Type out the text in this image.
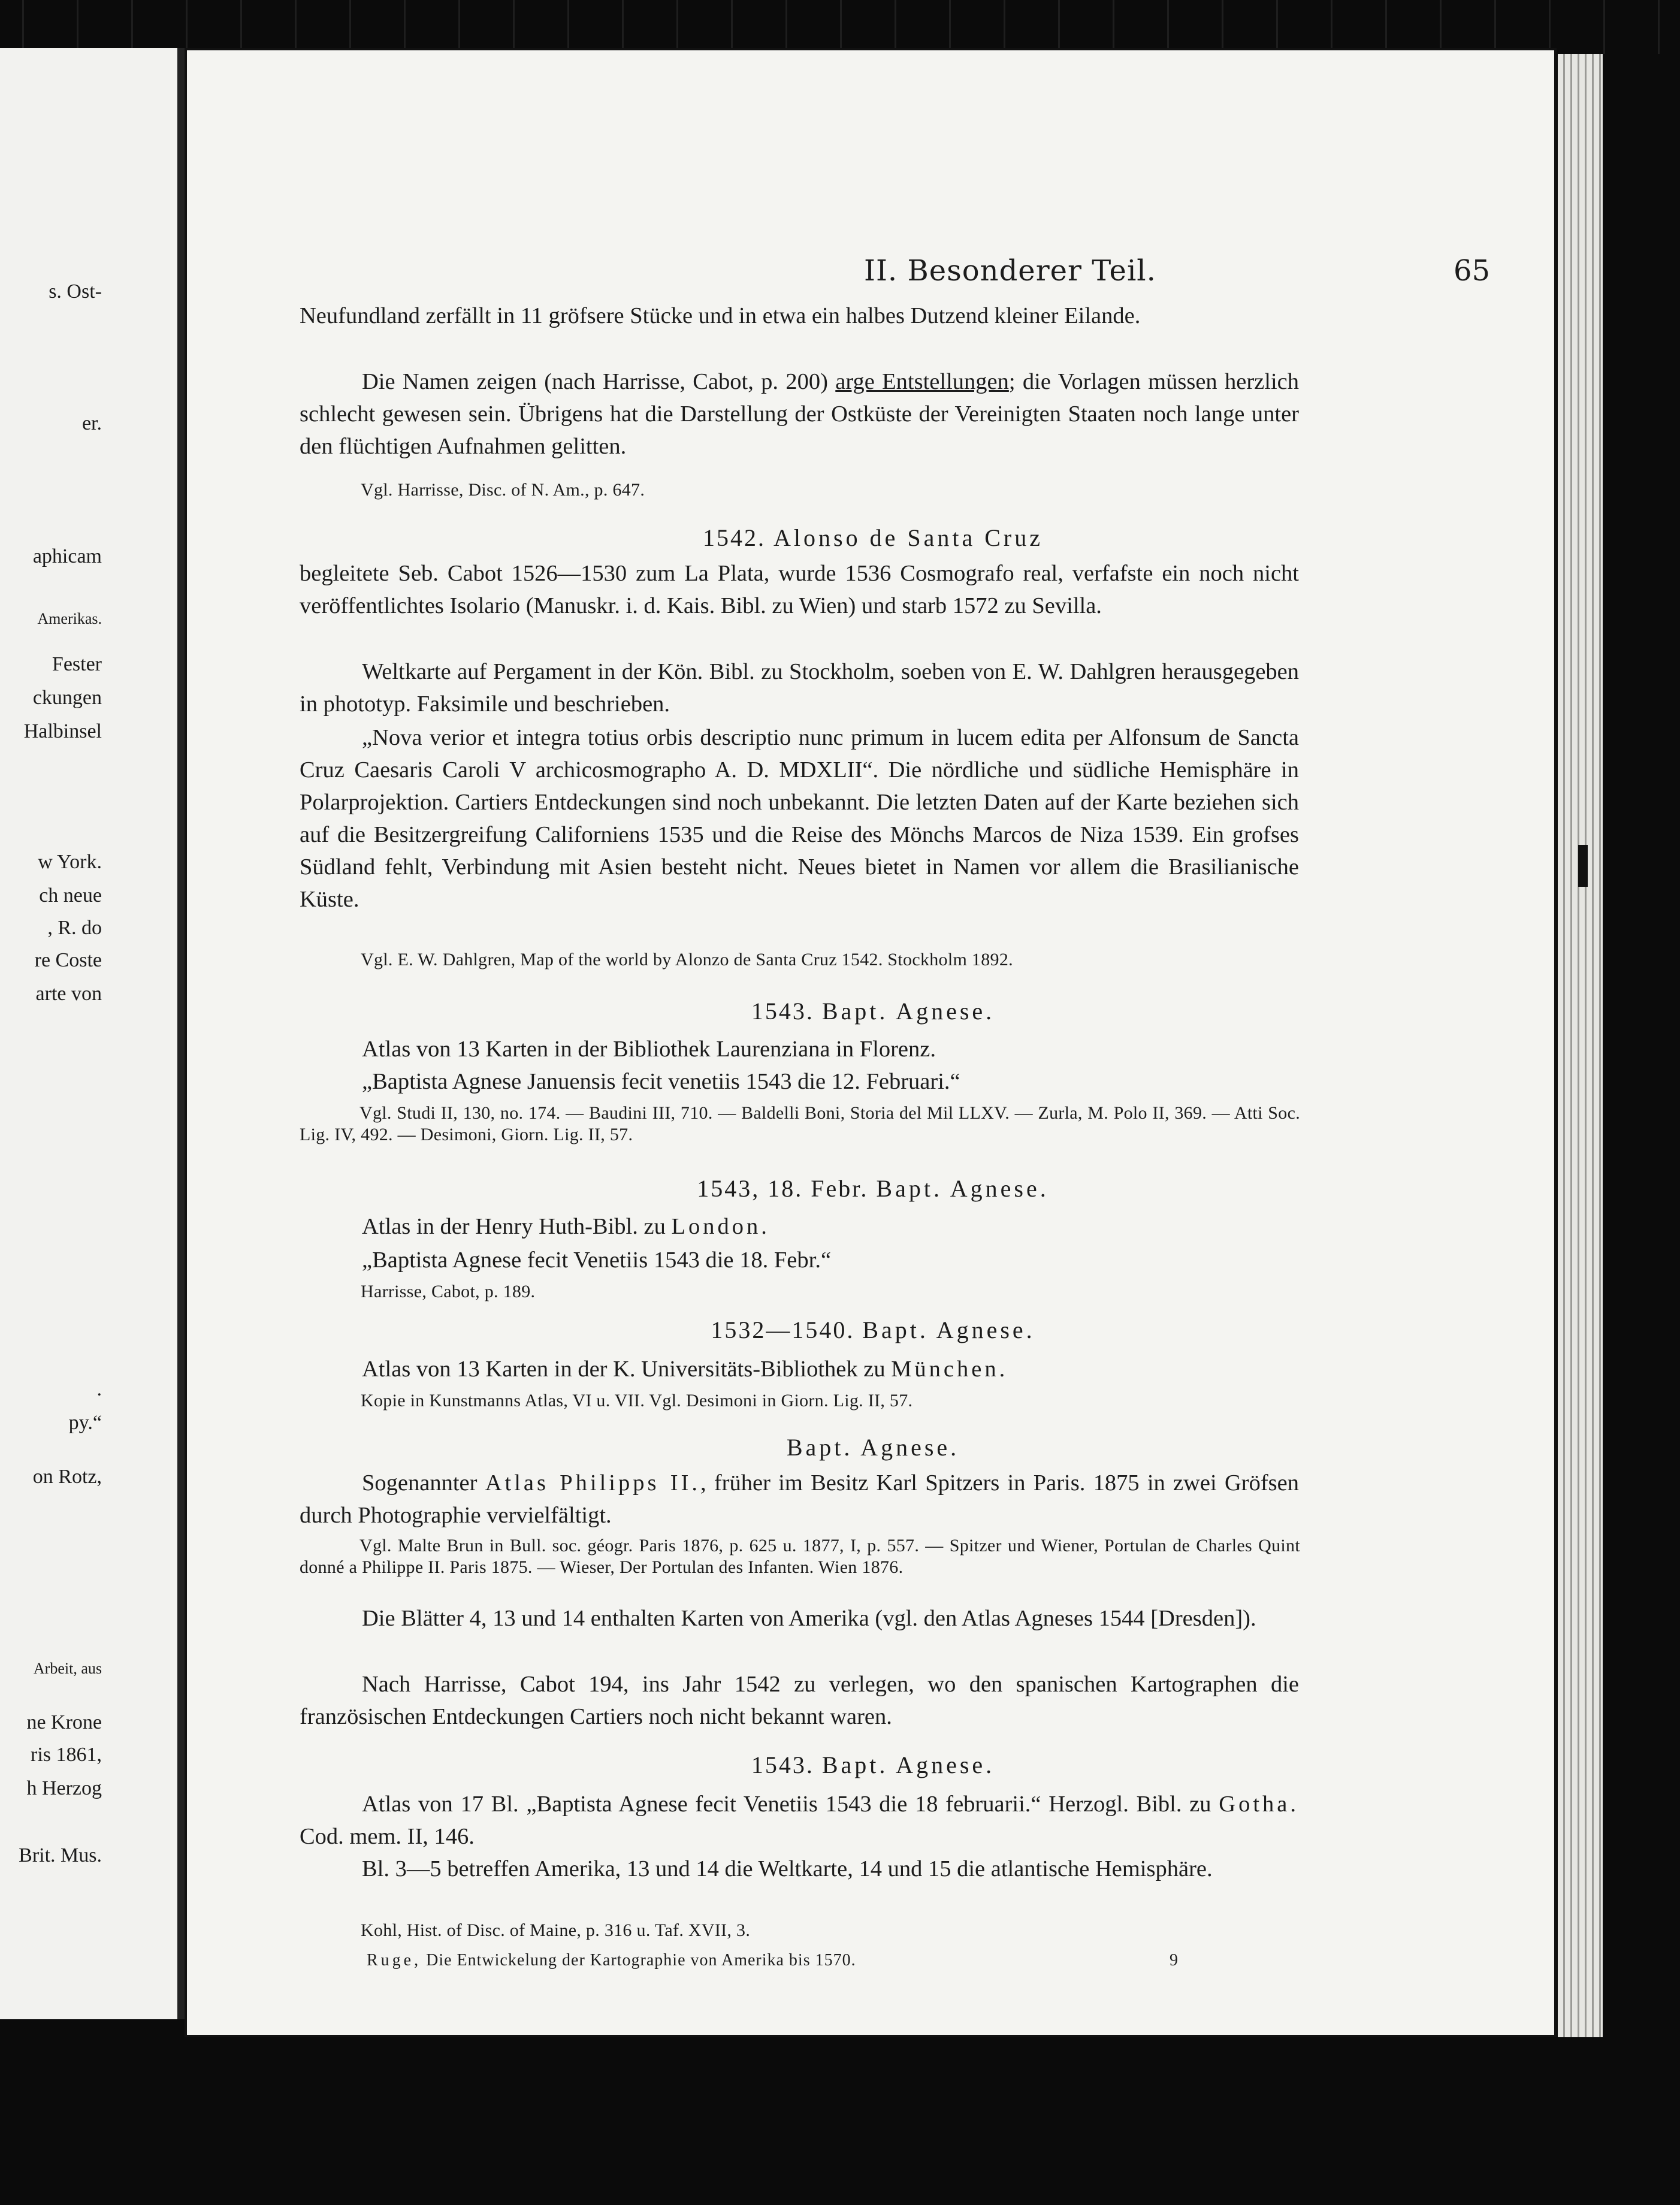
s. Ost-
er.
aphicam
Amerikas.
Fester
ckungen
Halbinsel
w York.
ch neue
, R. do
re Coste
arte von
.
py.“
on Rotz,
Arbeit, aus
ne Krone
ris 1861,
h Herzog
Brit. Mus.
II. Besonderer Teil.	65
Neufundland zerfällt in 11 gröfsere Stücke und in etwa ein halbes Dutzend kleiner Eilande.
Die Namen zeigen (nach Harrisse, Cabot, p. 200) arge Entstellungen; die Vorlagen müssen herzlich schlecht gewesen sein. Übrigens hat die Darstellung der Ostküste der Vereinigten Staaten noch lange unter den flüchtigen Aufnahmen gelitten.
Vgl. Harrisse, Disc. of N. Am., p. 647.
1542. Alonso de Santa Cruz
begleitete Seb. Cabot 1526—1530 zum La Plata, wurde 1536 Cosmografo real, verfafste ein noch nicht veröffentlichtes Isolario (Manuskr. i. d. Kais. Bibl. zu Wien) und starb 1572 zu Sevilla.
Weltkarte auf Pergament in der Kön. Bibl. zu Stockholm, soeben von E. W. Dahlgren herausgegeben in phototyp. Faksimile und beschrieben.
„Nova verior et integra totius orbis descriptio nunc primum in lucem edita per Alfonsum de Sancta Cruz Caesaris Caroli V archicosmographo A. D. MDXLII“. Die nördliche und südliche Hemisphäre in Polarprojektion. Cartiers Entdeckungen sind noch unbekannt. Die letzten Daten auf der Karte beziehen sich auf die Besitzergreifung Californiens 1535 und die Reise des Mönchs Marcos de Niza 1539. Ein grofses Südland fehlt, Verbindung mit Asien besteht nicht. Neues bietet in Namen vor allem die Brasilianische Küste.
Vgl. E. W. Dahlgren, Map of the world by Alonzo de Santa Cruz 1542. Stockholm 1892.
1543. Bapt. Agnese.
Atlas von 13 Karten in der Bibliothek Laurenziana in Florenz.
„Baptista Agnese Januensis fecit venetiis 1543 die 12. Februari.“
Vgl. Studi II, 130, no. 174. — Baudini III, 710. — Baldelli Boni, Storia del Mil LLXV. — Zurla, M. Polo II, 369. — Atti Soc. Lig. IV, 492. — Desimoni, Giorn. Lig. II, 57.
1543, 18. Febr. Bapt. Agnese.
Atlas in der Henry Huth-Bibl. zu London.
„Baptista Agnese fecit Venetiis 1543 die 18. Febr.“
Harrisse, Cabot, p. 189.
1532—1540. Bapt. Agnese.
Atlas von 13 Karten in der K. Universitäts-Bibliothek zu München.
Kopie in Kunstmanns Atlas, VI u. VII. Vgl. Desimoni in Giorn. Lig. II, 57.
Bapt. Agnese.
Sogenannter Atlas Philipps II., früher im Besitz Karl Spitzers in Paris. 1875 in zwei Gröfsen durch Photographie vervielfältigt.
Vgl. Malte Brun in Bull. soc. géogr. Paris 1876, p. 625 u. 1877, I, p. 557. — Spitzer und Wiener, Portulan de Charles Quint donné a Philippe II. Paris 1875. — Wieser, Der Portulan des Infanten. Wien 1876.
Die Blätter 4, 13 und 14 enthalten Karten von Amerika (vgl. den Atlas Agneses 1544 [Dresden]).
Nach Harrisse, Cabot 194, ins Jahr 1542 zu verlegen, wo den spanischen Kartographen die französischen Entdeckungen Cartiers noch nicht bekannt waren.
1543. Bapt. Agnese.
Atlas von 17 Bl. „Baptista Agnese fecit Venetiis 1543 die 18 februarii.“ Herzogl. Bibl. zu Gotha. Cod. mem. II, 146.
Bl. 3—5 betreffen Amerika, 13 und 14 die Weltkarte, 14 und 15 die atlantische Hemisphäre.
Kohl, Hist. of Disc. of Maine, p. 316 u. Taf. XVII, 3.
Ruge, Die Entwickelung der Kartographie von Amerika bis 1570.	9
